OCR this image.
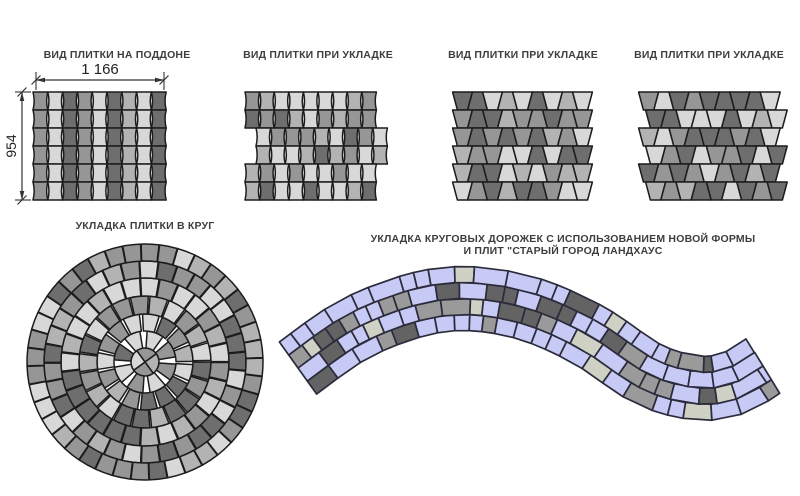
ВИД ПЛИТКИ НА ПОДДОНЕ	ВИД ПЛИТКИ ПРИ УКЛАДКЕ	ВИД ПЛИТКИ ПРИ УКЛАДКЕ	ВИД ПЛИТКИ ПРИ УКЛАДКЕ
УКЛАДКА ПЛИТКИ В КРУГ
УКЛАДКА КРУГОВЫХ ДОРОЖЕК С ИСПОЛЬЗОВАНИЕМ НОВОЙ ФОРМЫ
И ПЛИТ "СТАРЫЙ ГОРОД ЛАНДХАУС
1 166
954
